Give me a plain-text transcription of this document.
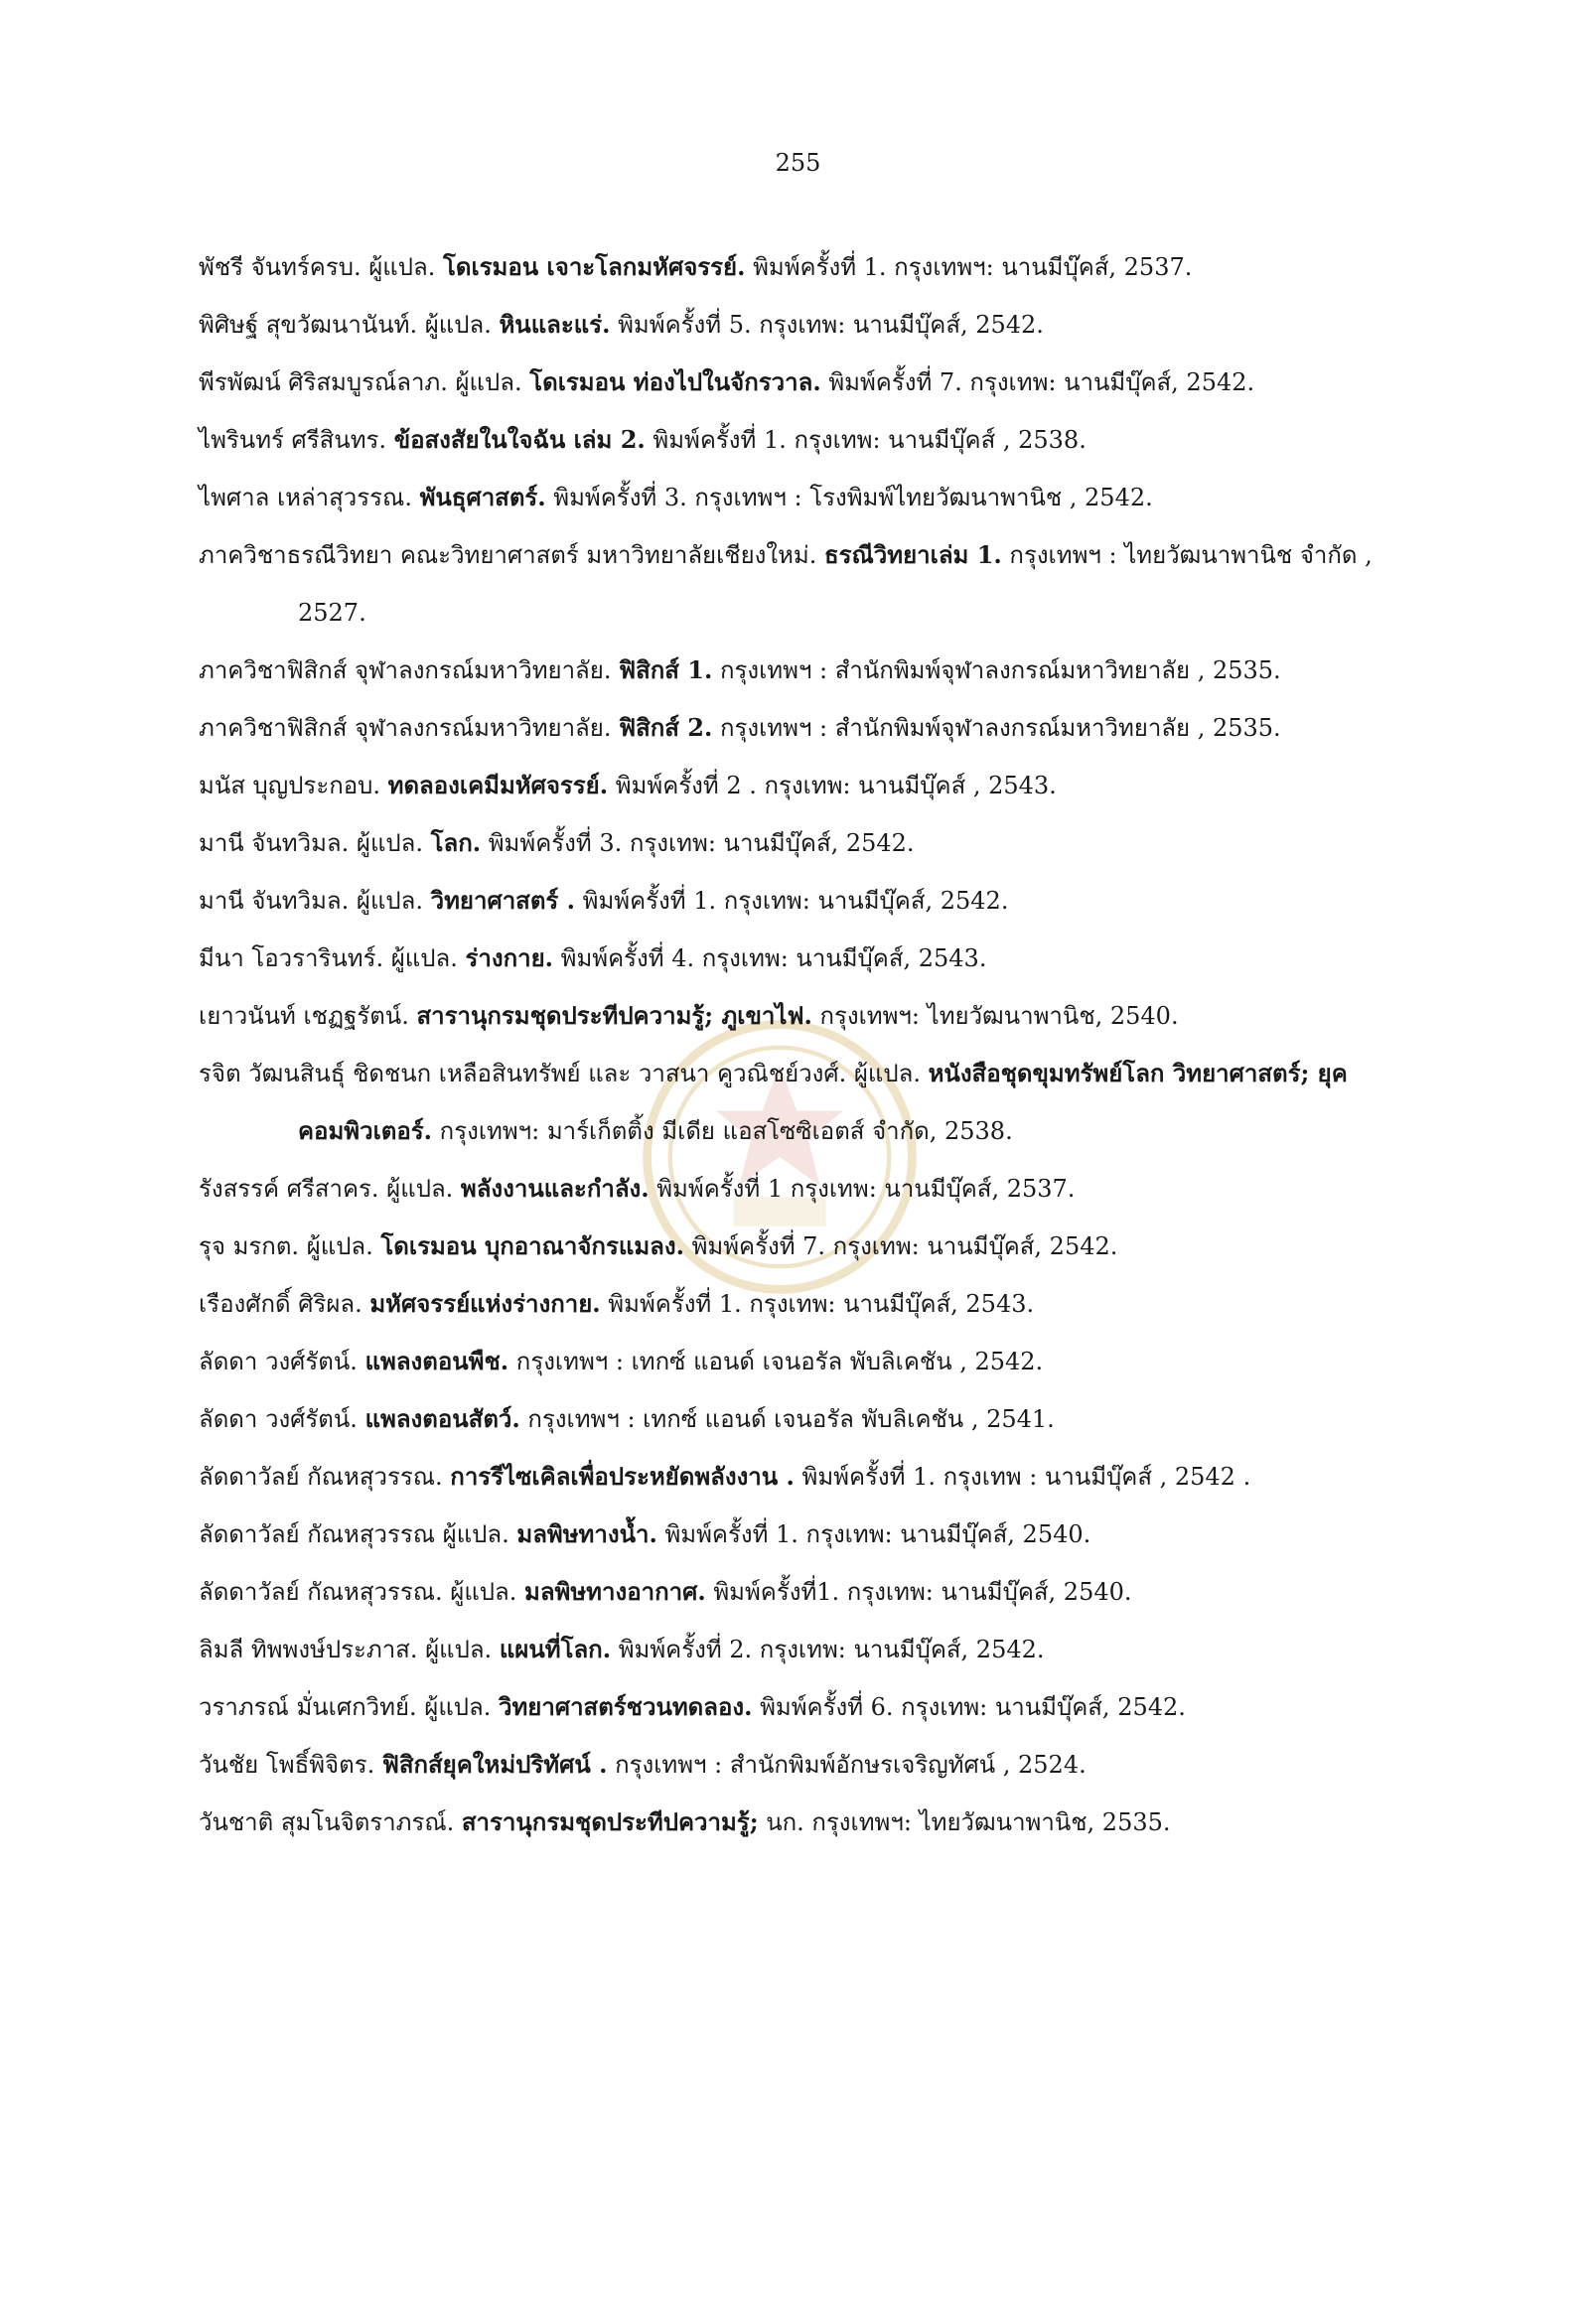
255
พัชรี จันทร์ครบ. ผู้แปล. โดเรมอน เจาะโลกมหัศจรรย์. พิมพ์ครั้งที่ 1. กรุงเทพฯ: นานมีบุ๊คส์, 2537.
พิศิษฐ์ สุขวัฒนานันท์. ผู้แปล. หินและแร่. พิมพ์ครั้งที่ 5. กรุงเทพ: นานมีบุ๊คส์, 2542.
พีรพัฒน์ ศิริสมบูรณ์ลาภ. ผู้แปล. โดเรมอน ท่องไปในจักรวาล. พิมพ์ครั้งที่ 7. กรุงเทพ: นานมีบุ๊คส์, 2542.
ไพรินทร์ ศรีสินทร. ข้อสงสัยในใจฉัน เล่ม 2. พิมพ์ครั้งที่ 1. กรุงเทพ: นานมีบุ๊คส์ , 2538.
ไพศาล เหล่าสุวรรณ. พันธุศาสตร์. พิมพ์ครั้งที่ 3. กรุงเทพฯ : โรงพิมพ์ไทยวัฒนาพานิช , 2542.
ภาควิชาธรณีวิทยา คณะวิทยาศาสตร์ มหาวิทยาลัยเชียงใหม่. ธรณีวิทยาเล่ม 1. กรุงเทพฯ : ไทยวัฒนาพานิช จำกัด , 2527.
ภาควิชาฟิสิกส์ จุฬาลงกรณ์มหาวิทยาลัย. ฟิสิกส์ 1. กรุงเทพฯ : สำนักพิมพ์จุฬาลงกรณ์มหาวิทยาลัย , 2535.
ภาควิชาฟิสิกส์ จุฬาลงกรณ์มหาวิทยาลัย. ฟิสิกส์ 2. กรุงเทพฯ : สำนักพิมพ์จุฬาลงกรณ์มหาวิทยาลัย , 2535.
มนัส บุญประกอบ. ทดลองเคมีมหัศจรรย์. พิมพ์ครั้งที่ 2 . กรุงเทพ: นานมีบุ๊คส์ , 2543.
มานี จันทวิมล. ผู้แปล. โลก. พิมพ์ครั้งที่ 3. กรุงเทพ: นานมีบุ๊คส์, 2542.
มานี จันทวิมล. ผู้แปล. วิทยาศาสตร์ . พิมพ์ครั้งที่ 1. กรุงเทพ: นานมีบุ๊คส์, 2542.
มีนา โอวรารินทร์. ผู้แปล. ร่างกาย. พิมพ์ครั้งที่ 4. กรุงเทพ: นานมีบุ๊คส์, 2543.
เยาวนันท์ เชฏฐรัตน์. สารานุกรมชุดประทีปความรู้; ภูเขาไฟ. กรุงเทพฯ: ไทยวัฒนาพานิช, 2540.
รจิต วัฒนสินธุ์ ชิดชนก เหลือสินทรัพย์ และ วาสนา คูวณิชย์วงศ์. ผู้แปล. หนังสือชุดขุมทรัพย์โลก วิทยาศาสตร์; ยุคคอมพิวเตอร์. กรุงเทพฯ: มาร์เก็ตติ้ง มีเดีย แอสโซซิเอตส์ จำกัด, 2538.
รังสรรค์ ศรีสาคร. ผู้แปล. พลังงานและกำลัง. พิมพ์ครั้งที่ 1 กรุงเทพ: นานมีบุ๊คส์, 2537.
รุจ มรกต. ผู้แปล. โดเรมอน บุกอาณาจักรแมลง. พิมพ์ครั้งที่ 7. กรุงเทพ: นานมีบุ๊คส์, 2542.
เรืองศักดิ์ ศิริผล. มหัศจรรย์แห่งร่างกาย. พิมพ์ครั้งที่ 1. กรุงเทพ: นานมีบุ๊คส์, 2543.
ลัดดา วงศ์รัตน์. แพลงตอนพืช. กรุงเทพฯ : เทกซ์ แอนด์ เจนอรัล พับลิเคชัน , 2542.
ลัดดา วงศ์รัตน์. แพลงตอนสัตว์. กรุงเทพฯ : เทกซ์ แอนด์ เจนอรัล พับลิเคชัน , 2541.
ลัดดาวัลย์ กัณหสุวรรณ. การรีไซเคิลเพื่อประหยัดพลังงาน . พิมพ์ครั้งที่ 1. กรุงเทพ : นานมีบุ๊คส์ , 2542 .
ลัดดาวัลย์ กัณหสุวรรณ ผู้แปล. มลพิษทางน้ำ. พิมพ์ครั้งที่ 1. กรุงเทพ: นานมีบุ๊คส์, 2540.
ลัดดาวัลย์ กัณหสุวรรณ. ผู้แปล. มลพิษทางอากาศ. พิมพ์ครั้งที่1. กรุงเทพ: นานมีบุ๊คส์, 2540.
ลิมลี ทิพพงษ์ประภาส. ผู้แปล. แผนที่โลก. พิมพ์ครั้งที่ 2. กรุงเทพ: นานมีบุ๊คส์, 2542.
วราภรณ์ มั่นเศกวิทย์. ผู้แปล. วิทยาศาสตร์ชวนทดลอง. พิมพ์ครั้งที่ 6. กรุงเทพ: นานมีบุ๊คส์, 2542.
วันชัย โพธิ์พิจิตร. ฟิสิกส์ยุคใหม่ปริทัศน์ . กรุงเทพฯ : สำนักพิมพ์อักษรเจริญทัศน์ , 2524.
วันชาติ สุมโนจิตราภรณ์. สารานุกรมชุดประทีปความรู้; นก. กรุงเทพฯ: ไทยวัฒนาพานิช, 2535.
